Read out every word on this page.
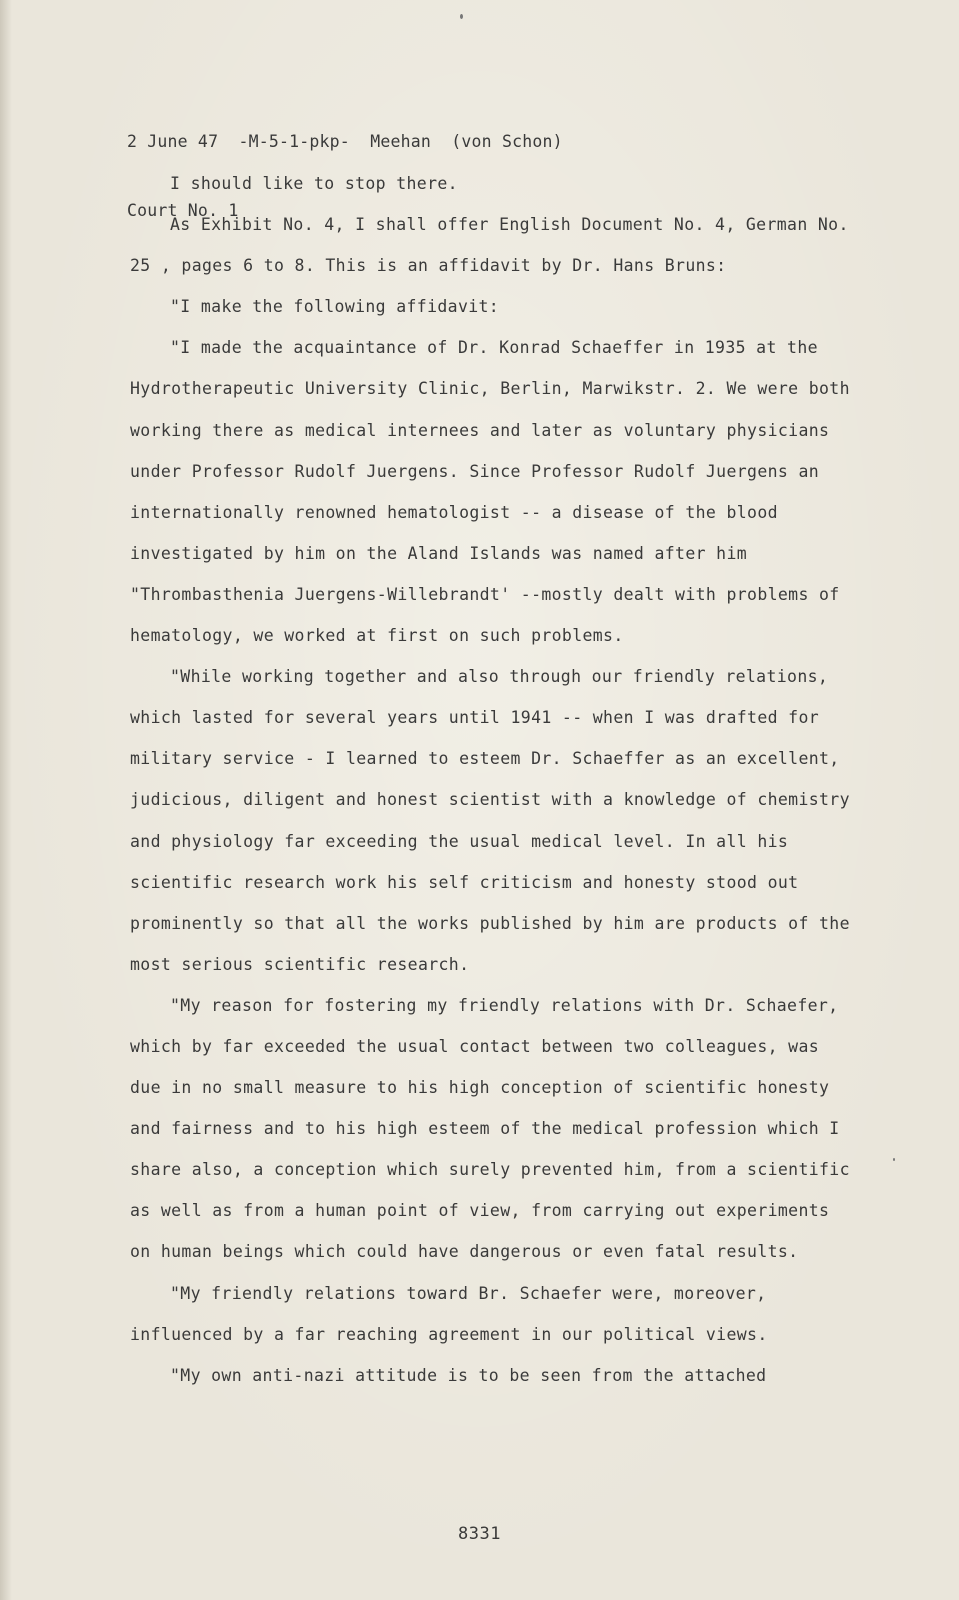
2 June 47  -M-5-1-pkp-  Meehan  (von Schon)

Court No. 1

I should like to stop there.

As Exhibit No. 4, I shall offer English Document No. 4, German No. 25 , pages 6 to 8. This is an affidavit by Dr. Hans Bruns:

"I make the following affidavit:

"I made the acquaintance of Dr. Konrad Schaeffer in 1935 at the Hydrotherapeutic University Clinic, Berlin, Marwikstr. 2. We were both working there as medical internees and later as voluntary physicians under Professor Rudolf Juergens. Since Professor Rudolf Juergens an internationally renowned hematologist -- a disease of the blood investigated by him on the Aland Islands was named after him "Thrombasthenia Juergens-Willebrandt' --mostly dealt with problems of hematology, we worked at first on such problems.

"While working together and also through our friendly relations, which lasted for several years until 1941 -- when I was drafted for military service - I learned to esteem Dr. Schaeffer as an excellent, judicious, diligent and honest scientist with a knowledge of chemistry and physiology far exceeding the usual medical level. In all his scientific research work his self criticism and honesty stood out prominently so that all the works published by him are products of the most serious scientific research.

"My reason for fostering my friendly relations with Dr. Schaefer, which by far exceeded the usual contact between two colleagues, was due in no small measure to his high conception of scientific honesty and fairness and to his high esteem of the medical profession which I share also, a conception which surely prevented him, from a scientific as well as from a human point of view, from carrying out experiments on human beings which could have dangerous or even fatal results.

"My friendly relations toward Br. Schaefer were, moreover, influenced by a far reaching agreement in our political views.

"My own anti-nazi attitude is to be seen from the attached

8331
